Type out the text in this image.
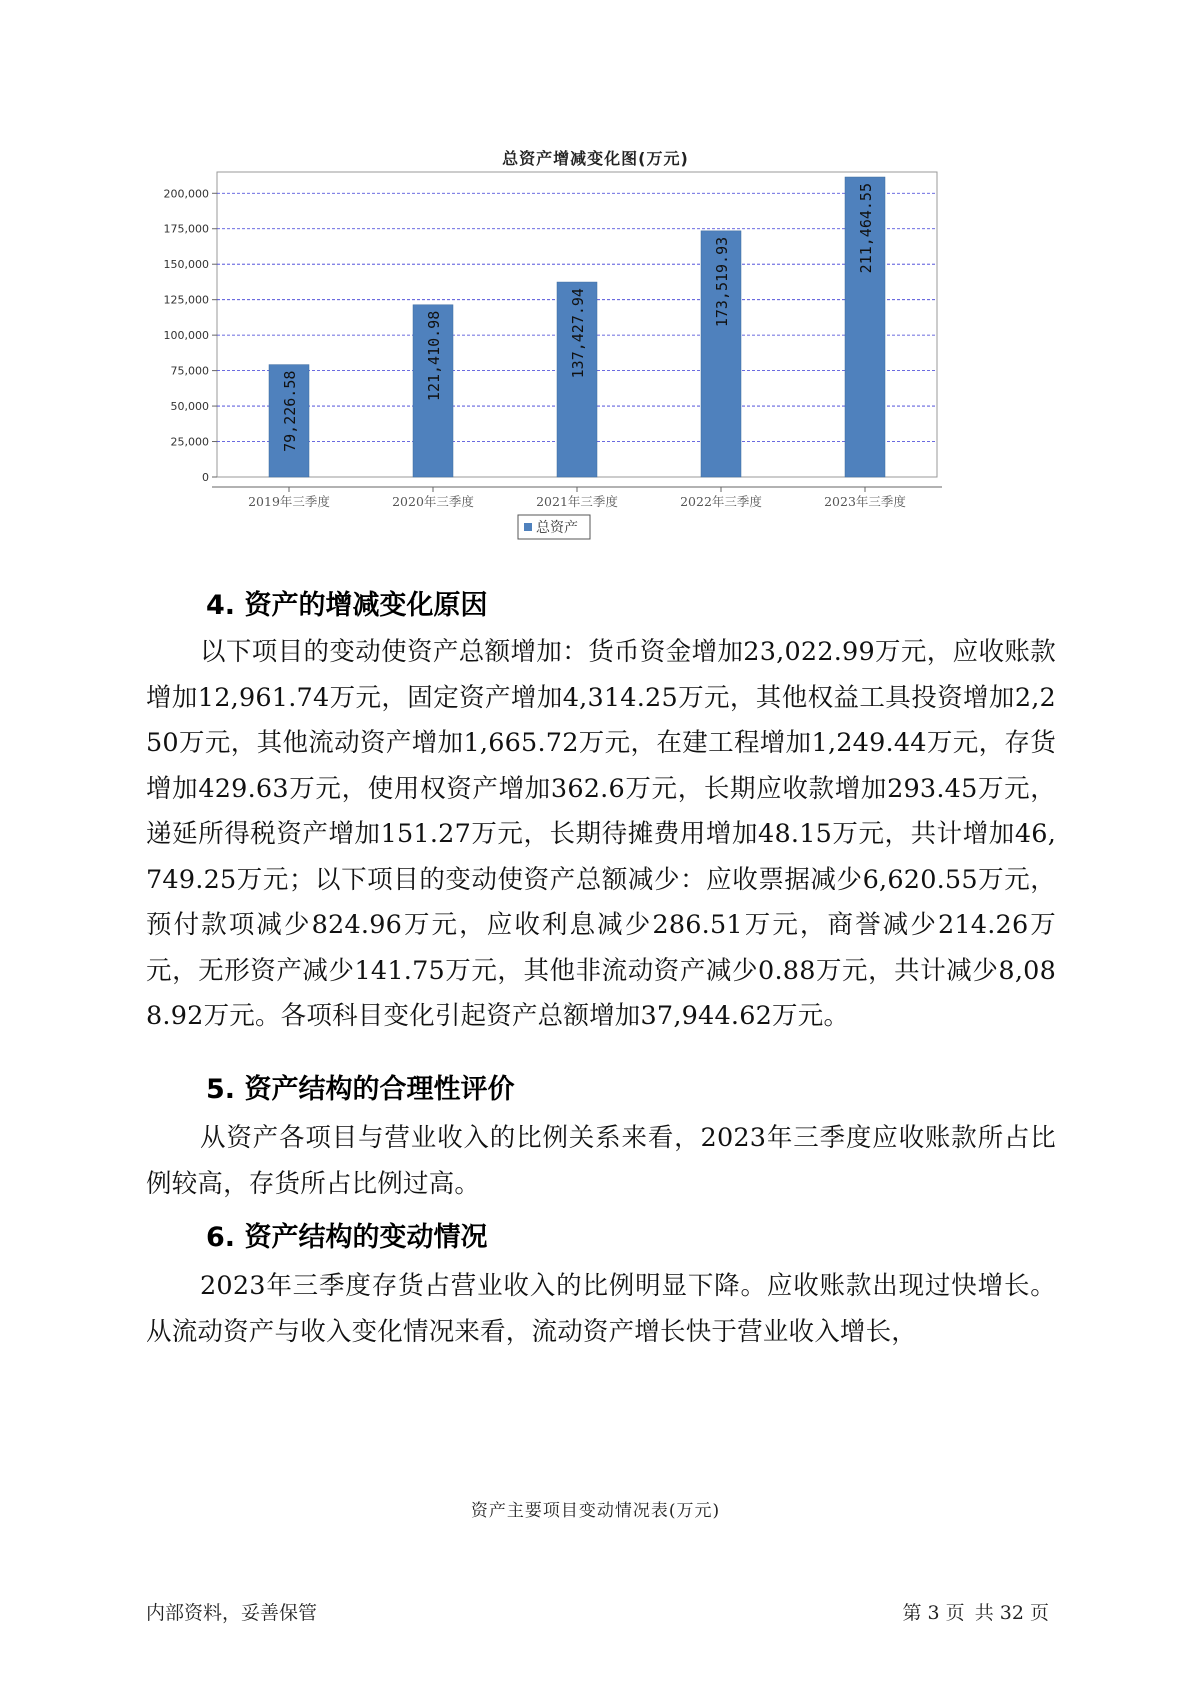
总资产增减变化图(万元)
0
25,000
50,000
75,000
100,000
125,000
150,000
175,000
200,000
79,226.58
121,410.98	137,427.94
173,519.93
211,464.55
2019年三季度	2020年三季度	2021年三季度	2022年三季度	2023年三季度
总资产
4. 资产的增减变化原因

以下项目的变动使资产总额增加：货币资金增加23,022.99万元，应收账款增加12,961.74万元，固定资产增加4,314.25万元，其他权益工具投资增加2,250万元，其他流动资产增加1,665.72万元，在建工程增加1,249.44万元，存货增加429.63万元，使用权资产增加362.6万元，长期应收款增加293.45万元，递延所得税资产增加151.27万元，长期待摊费用增加48.15万元，共计增加46,749.25万元；以下项目的变动使资产总额减少：应收票据减少6,620.55万元，预付款项减少824.96万元，应收利息减少286.51万元，商誉减少214.26万元，无形资产减少141.75万元，其他非流动资产减少0.88万元，共计减少8,088.92万元。各项科目变化引起资产总额增加37,944.62万元。

5. 资产结构的合理性评价

从资产各项目与营业收入的比例关系来看，2023年三季度应收账款所占比例较高，存货所占比例过高。

6. 资产结构的变动情况

2023年三季度存货占营业收入的比例明显下降。应收账款出现过快增长。从流动资产与收入变化情况来看，流动资产增长快于营业收入增长，

资产主要项目变动情况表(万元)
内部资料，妥善保管	第 3 页 共 32 页
